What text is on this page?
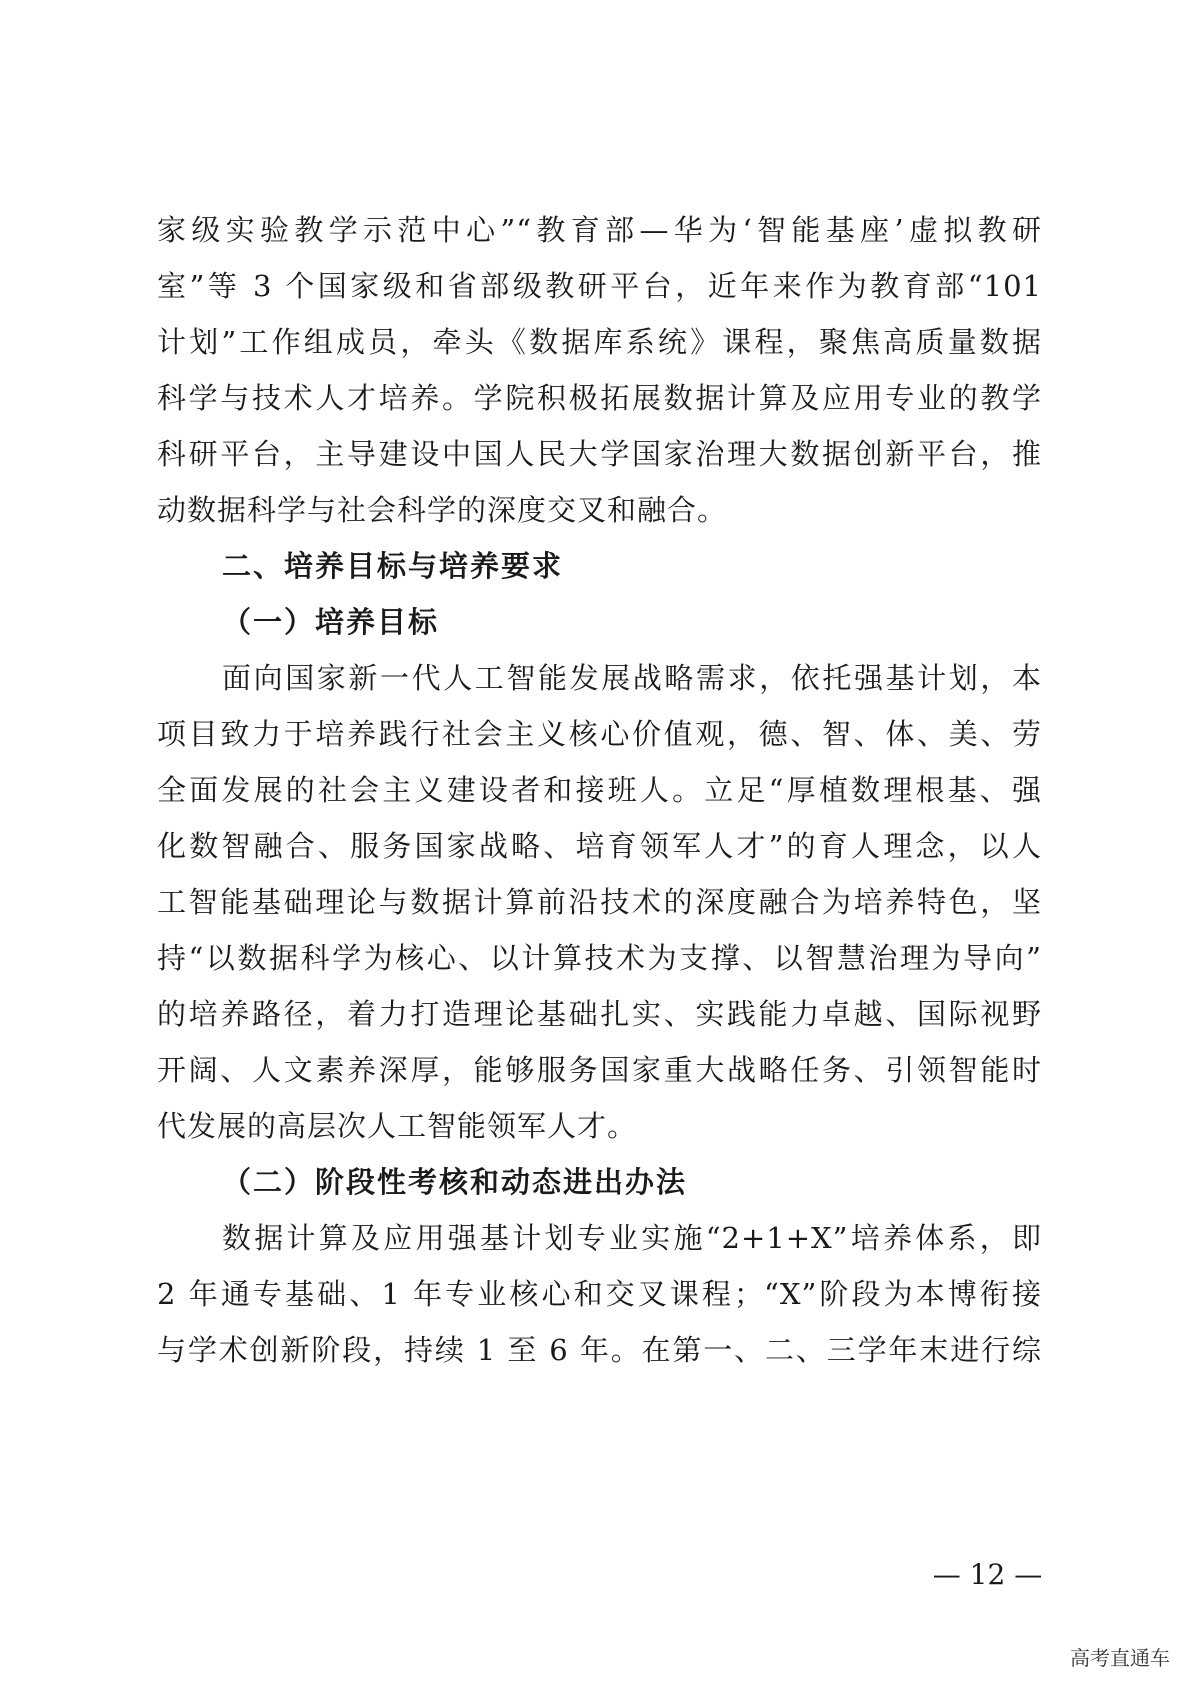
家级实验教学示范中心”“教育部—华为‘智能基座’虚拟教研
室”等 3 个国家级和省部级教研平台，近年来作为教育部“101
计划”工作组成员，牵头《数据库系统》课程，聚焦高质量数据
科学与技术人才培养。学院积极拓展数据计算及应用专业的教学
科研平台，主导建设中国人民大学国家治理大数据创新平台，推
动数据科学与社会科学的深度交叉和融合。
二、培养目标与培养要求
（一）培养目标
面向国家新一代人工智能发展战略需求，依托强基计划，本
项目致力于培养践行社会主义核心价值观，德、智、体、美、劳
全面发展的社会主义建设者和接班人。立足“厚植数理根基、强
化数智融合、服务国家战略、培育领军人才”的育人理念，以人
工智能基础理论与数据计算前沿技术的深度融合为培养特色，坚
持“以数据科学为核心、以计算技术为支撑、以智慧治理为导向”
的培养路径，着力打造理论基础扎实、实践能力卓越、国际视野
开阔、人文素养深厚，能够服务国家重大战略任务、引领智能时
代发展的高层次人工智能领军人才。
（二）阶段性考核和动态进出办法
数据计算及应用强基计划专业实施“2+1+X”培养体系，即
2 年通专基础、1 年专业核心和交叉课程；“X”阶段为本博衔接
与学术创新阶段，持续 1 至 6 年。在第一、二、三学年末进行综
— 12 —
高考直通车
